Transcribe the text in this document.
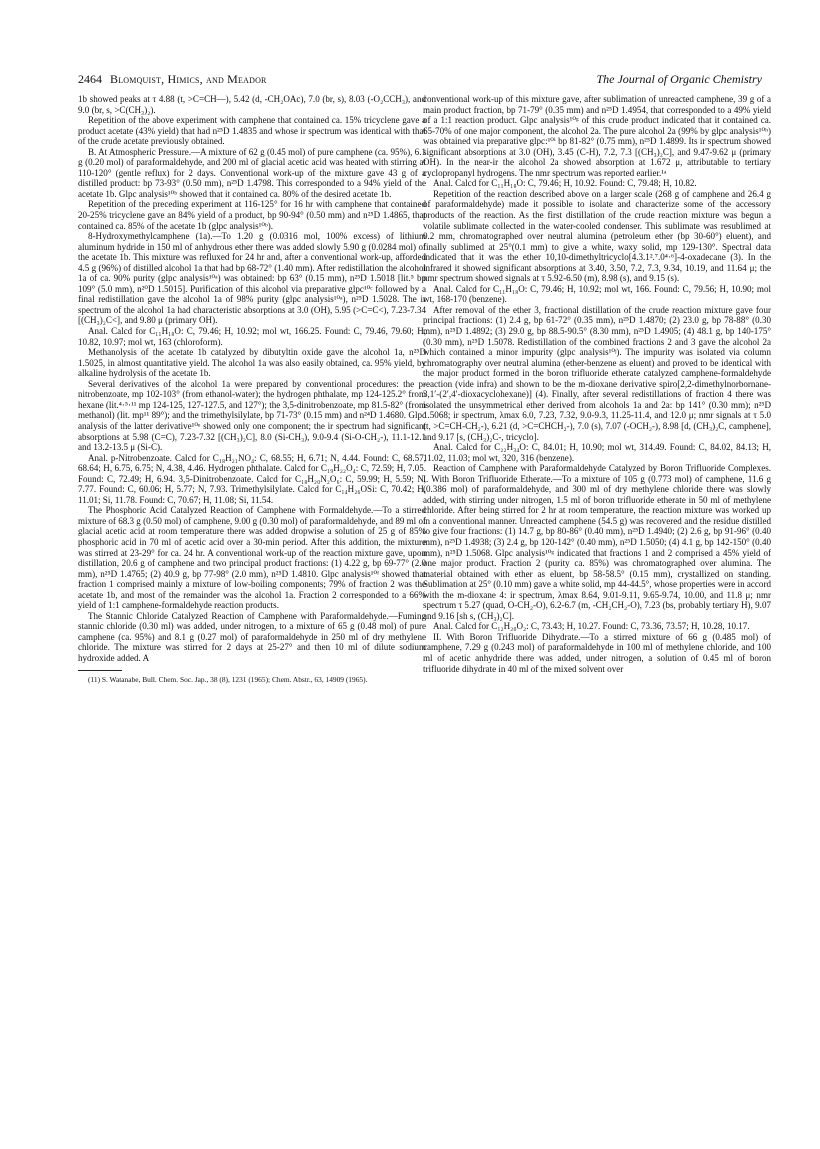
2464 Blomquist, Himics, and Meador	The Journal of Organic Chemistry

1b showed peaks at τ 4.88 (t, >C=CH—), 5.42 (d, -CH₂OAc), 7.0 (br, s), 8.03 (-O₂CCH₃), and 9.0 (br, s, >C(CH₃)₂).

Repetition of the above experiment with camphene that contained ca. 15% tricyclene gave a product acetate (43% yield) that had n²⁵D 1.4835 and whose ir spectrum was identical with that of the crude acetate previously obtained.

B. At Atmospheric Pressure.—A mixture of 62 g (0.45 mol) of pure camphene (ca. 95%), 6.1 g (0.20 mol) of paraformaldehyde, and 200 ml of glacial acetic acid was heated with stirring at 110-120° (gentle reflux) for 2 days. Conventional work-up of the mixture gave 43 g of a distilled product: bp 73-93° (0.50 mm), n²⁵D 1.4798. This corresponded to a 94% yield of the acetate 1b. Glpc analysis¹⁰ᵇ showed that it contained ca. 80% of the desired acetate 1b.

Repetition of the preceding experiment at 116-125° for 16 hr with camphene that contained 20-25% tricyclene gave an 84% yield of a product, bp 90-94° (0.50 mm) and n²⁵D 1.4865, that contained ca. 85% of the acetate 1b (glpc analysis¹⁰ᵇ).

8-Hydroxymethylcamphene (1a).—To 1.20 g (0.0316 mol, 100% excess) of lithium aluminum hydride in 150 ml of anhydrous ether there was added slowly 5.90 g (0.0284 mol) of the acetate 1b. This mixture was refluxed for 24 hr and, after a conventional work-up, afforded 4.5 g (96%) of distilled alcohol 1a that had bp 68-72° (1.40 mm). After redistillation the alcohol 1a of ca. 90% purity (glpc analysis¹⁰ᵃ) was obtained: bp 63° (0.15 mm), n²⁵D 1.5018 [lit.⁵ bp 109° (5.0 mm), n²⁰D 1.5015]. Purification of this alcohol via preparative glpc¹⁰ᶜ followed by a final redistillation gave the alcohol 1a of 98% purity (glpc analysis¹⁰ᵃ), n²⁵D 1.5028. The ir spectrum of the alcohol 1a had characteristic absorptions at 3.0 (OH), 5.95 (>C=C<), 7.23-7.34 [(CH₃)₂C<], and 9.80 μ (primary OH).

Anal. Calcd for C₁₁H₁₈O: C, 79.46; H, 10.92; mol wt, 166.25. Found: C, 79.46, 79.60; H, 10.82, 10.97; mol wt, 163 (chloroform).

Methanolysis of the acetate 1b catalyzed by dibutyltin oxide gave the alcohol 1a, n²⁵D 1.5025, in almost quantitative yield. The alcohol 1a was also easily obtained, ca. 95% yield, by alkaline hydrolysis of the acetate 1b.

Several derivatives of the alcohol 1a were prepared by conventional procedures: the p-nitrobenzoate, mp 102-103° (from ethanol-water); the hydrogen phthalate, mp 124-125.2° from hexane (lit.⁴·⁵·¹¹ mp 124-125, 127-127.5, and 127°); the 3,5-dinitrobenzoate, mp 81.5-82° (from methanol) (lit. mp¹¹ 89°); and the trimethylsilylate, bp 71-73° (0.15 mm) and n²⁴D 1.4680. Glpc analysis of the latter derivative¹⁰ᵉ showed only one component; the ir spectrum had significant absorptions at 5.98 (C=C), 7.23-7.32 [(CH₃)₂C], 8.0 (Si-CH₃), 9.0-9.4 (Si-O-CH₂-), 11.1-12.1 and 13.2-13.5 μ (Si-C).

Anal. p-Nitrobenzoate. Calcd for C₁₈H₂₁NO₄: C, 68.55; H, 6.71; N, 4.44. Found: C, 68.57, 68.64; H, 6.75, 6.75; N, 4.38, 4.46. Hydrogen phthalate. Calcd for C₁₉H₂₂O₄: C, 72.59; H, 7.05. Found: C, 72.49; H, 6.94. 3,5-Dinitrobenzoate. Calcd for C₁₈H₂₀N₂O₆: C, 59.99; H, 5.59; N, 7.77. Found: C, 60.06; H, 5.77; N, 7.93. Trimethylsilylate. Calcd for C₁₄H₂₆OSi: C, 70.42; H, 11.01; Si, 11.78. Found: C, 70.67; H, 11.08; Si, 11.54.

The Phosphoric Acid Catalyzed Reaction of Camphene with Formaldehyde.—To a stirred mixture of 68.3 g (0.50 mol) of camphene, 9.00 g (0.30 mol) of paraformaldehyde, and 89 ml of glacial acetic acid at room temperature there was added dropwise a solution of 25 g of 85% phosphoric acid in 70 ml of acetic acid over a 30-min period. After this addition, the mixture was stirred at 23-29° for ca. 24 hr. A conventional work-up of the reaction mixture gave, upon distillation, 20.6 g of camphene and two principal product fractions: (1) 4.22 g, bp 69-77° (2.0 mm), n²⁵D 1.4765; (2) 40.9 g, bp 77-98° (2.0 mm), n²⁵D 1.4810. Glpc analysis¹⁰ᶠ showed that fraction 1 comprised mainly a mixture of low-boiling components; 79% of fraction 2 was the acetate 1b, and most of the remainder was the alcohol 1a. Fraction 2 corresponded to a 66% yield of 1:1 camphene-formaldehyde reaction products.

The Stannic Chloride Catalyzed Reaction of Camphene with Paraformaldehyde.—Fuming stannic chloride (0.30 ml) was added, under nitrogen, to a mixture of 65 g (0.48 mol) of pure camphene (ca. 95%) and 8.1 g (0.27 mol) of paraformaldehyde in 250 ml of dry methylene chloride. The mixture was stirred for 2 days at 25-27° and then 10 ml of dilute sodium hydroxide added. A

(11) S. Watanabe, Bull. Chem. Soc. Jap., 38 (8), 1231 (1965); Chem. Abstr., 63, 14909 (1965).

conventional work-up of this mixture gave, after sublimation of unreacted camphene, 39 g of a main product fraction, bp 71-79° (0.35 mm) and n²⁵D 1.4954, that corresponded to a 49% yield of a 1:1 reaction product. Glpc analysis¹⁰ᵍ of this crude product indicated that it contained ca. 65-70% of one major component, the alcohol 2a. The pure alcohol 2a (99% by glpc analysis¹⁰ʰ) was obtained via preparative glpc:¹⁰ⁱ bp 81-82° (0.75 mm), n²⁵D 1.4899. Its ir spectrum showed significant absorptions at 3.0 (OH), 3.45 (C-H), 7.2, 7.3 [(CH₃)₂C], and 9.47-9.62 μ (primary OH). In the near-ir the alcohol 2a showed absorption at 1.672 μ, attributable to tertiary cyclopropanyl hydrogens. The nmr spectrum was reported earlier.¹ᵃ

Anal. Calcd for C₁₁H₁₈O: C, 79.46; H, 10.92. Found: C, 79.48; H, 10.82.

Repetition of the reaction described above on a larger scale (268 g of camphene and 26.4 g of paraformaldehyde) made it possible to isolate and characterize some of the accessory products of the reaction. As the first distillation of the crude reaction mixture was begun a volatile sublimate collected in the water-cooled condenser. This sublimate was resublimed at 0.2 mm, chromatographed over neutral alumina (petroleum ether (bp 30-60°) eluent), and finally sublimed at 25°(0.1 mm) to give a white, waxy solid, mp 129-130°. Spectral data indicated that it was the ether 10,10-dimethyltricyclo[4.3.1².⁷.0⁴·⁶]-4-oxadecane (3). In the infrared it showed significant absorptions at 3.40, 3.50, 7.2, 7.3, 9.34, 10.19, and 11.64 μ; the nmr spectrum showed signals at τ 5.92-6.50 (m), 8.98 (s), and 9.15 (s).

Anal. Calcd for C₁₁H₁₈O: C, 79.46; H, 10.92; mol wt, 166. Found: C, 79.56; H, 10.90; mol wt, 168-170 (benzene).

After removal of the ether 3, fractional distillation of the crude reaction mixture gave four principal fractions: (1) 2.4 g, bp 61-72° (0.35 mm), n²⁵D 1.4870; (2) 23.0 g, bp 78-88° (0.30 mm), n²⁵D 1.4892; (3) 29.0 g, bp 88.5-90.5° (8.30 mm), n²⁵D 1.4905; (4) 48.1 g, bp 140-175° (0.30 mm), n²⁵D 1.5078. Redistillation of the combined fractions 2 and 3 gave the alcohol 2a which contained a minor impurity (glpc analysis¹⁰ʲ). The impurity was isolated via column chromatography over neutral alumina (ether-benzene as eluent) and proved to be identical with the major product formed in the boron trifluoride etherate catalyzed camphene-formaldehyde reaction (vide infra) and shown to be the m-dioxane derivative spiro[2,2-dimethylnorbornane-3,1′-(2′,4′-dioxacyclohexane)] (4). Finally, after several redistillations of fraction 4 there was isolated the unsymmetrical ether derived from alcohols 1a and 2a: bp 141° (0.30 mm); n²⁵D 1.5068; ir spectrum, λmax 6.0, 7.23, 7.32, 9.0-9.3, 11.25-11.4, and 12.0 μ; nmr signals at τ 5.0 (t, >C=CH-CH₂-), 6.21 (d, >C=CHCH₂-), 7.0 (s), 7.07 (-OCH₂-), 8.98 [d, (CH₃)₂C, camphene], and 9.17 [s, (CH₃)₂C-, tricyclo].

Anal. Calcd for C₂₂H₃₄O: C, 84.01; H, 10.90; mol wt, 314.49. Found: C, 84.02, 84.13; H, 11.02, 11.03; mol wt, 320, 316 (benzene).

Reaction of Camphene with Paraformaldehyde Catalyzed by Boron Trifluoride Complexes. I. With Boron Trifluoride Etherate.—To a mixture of 105 g (0.773 mol) of camphene, 11.6 g (0.386 mol) of paraformaldehyde, and 300 ml of dry methylene chloride there was slowly added, with stirring under nitrogen, 1.5 ml of boron trifluoride etherate in 50 ml of methylene chloride. After being stirred for 2 hr at room temperature, the reaction mixture was worked up in a conventional manner. Unreacted camphene (54.5 g) was recovered and the residue distilled to give four fractions: (1) 14.7 g, bp 80-86° (0.40 mm), n²⁵D 1.4940; (2) 2.6 g, bp 91-96° (0.40 mm), n²⁵D 1.4938; (3) 2.4 g, bp 120-142° (0.40 mm), n²⁵D 1.5050; (4) 4.1 g, bp 142-150° (0.40 mm), n²⁵D 1.5068. Glpc analysis¹⁰ᵍ indicated that fractions 1 and 2 comprised a 45% yield of one major product. Fraction 2 (purity ca. 85%) was chromatographed over alumina. The material obtained with ether as eluent, bp 58-58.5° (0.15 mm), crystallized on standing. Sublimation at 25° (0.10 mm) gave a white solid, mp 44-44.5°, whose properties were in accord with the m-dioxane 4: ir spectrum, λmax 8.64, 9.01-9.11, 9.65-9.74, 10.00, and 11.8 μ; nmr spectrum τ 5.27 (quad, O-CH₂-O), 6.2-6.7 (m, -CH₂CH₂-O), 7.23 (bs, probably tertiary H), 9.07 and 9.16 [sh s, (CH₃)₂C].

Anal. Calcd for C₁₂H₂₀O₂: C, 73.43; H, 10.27. Found: C, 73.36, 73.57; H, 10.28, 10.17.

II. With Boron Trifluoride Dihydrate.—To a stirred mixture of 66 g (0.485 mol) of camphene, 7.29 g (0.243 mol) of paraformaldehyde in 100 ml of methylene chloride, and 100 ml of acetic anhydride there was added, under nitrogen, a solution of 0.45 ml of boron trifluoride dihydrate in 40 ml of the mixed solvent over
